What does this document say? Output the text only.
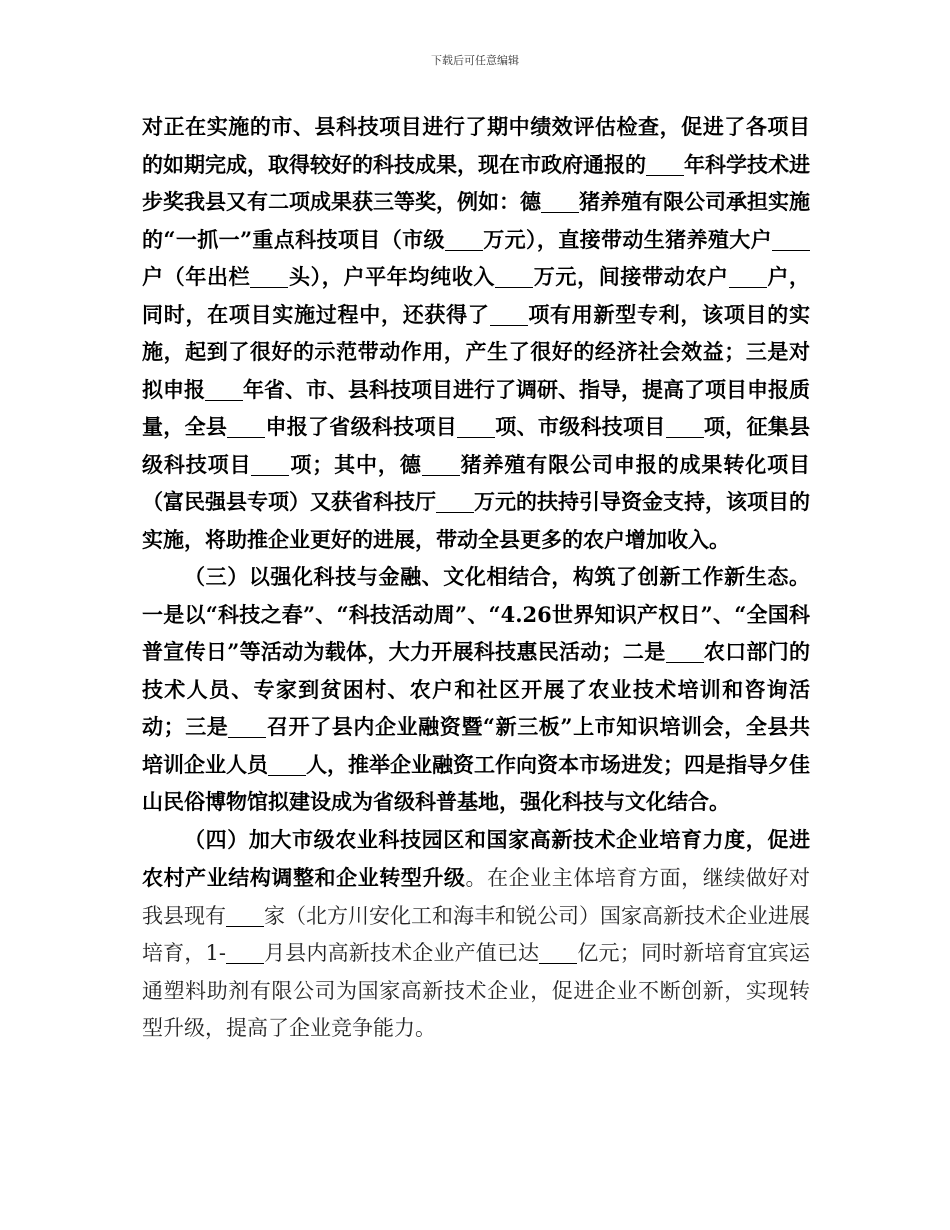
下载后可任意编辑

对正在实施的市、县科技项目进行了期中绩效评估检查，促进了各项目的如期完成，取得较好的科技成果，现在市政府通报的 年科学技术进步奖我县又有二项成果获三等奖，例如：德 猪养殖有限公司承担实施的“一抓一”重点科技项目（市级 万元），直接带动生猪养殖大户户（年出栏 头），户平年均纯收入 万元，间接带动农户 户，同时，在项目实施过程中，还获得了 项有用新型专利，该项目的实施，起到了很好的示范带动作用，产生了很好的经济社会效益；三是对拟申报 年省、市、县科技项目进行了调研、指导，提高了项目申报质量，全县 申报了省级科技项目 项、市级科技项目 项，征集县级科技项目 项；其中，德 猪养殖有限公司申报的成果转化项目（富民强县专项）又获省科技厅 万元的扶持引导资金支持，该项目的实施，将助推企业更好的进展，带动全县更多的农户增加收入。

（三）以强化科技与金融、文化相结合，构筑了创新工作新生态。一是以“科技之春”、“科技活动周”、“4.26世界知识产权日”、“全国科普宣传日”等活动为载体，大力开展科技惠民活动；二是 农口部门的技术人员、专家到贫困村、农户和社区开展了农业技术培训和咨询活动；三是 召开了县内企业融资暨“新三板”上市知识培训会，全县共培训企业人员 人，推举企业融资工作向资本市场进发；四是指导夕佳山民俗博物馆拟建设成为省级科普基地，强化科技与文化结合。

（四）加大市级农业科技园区和国家高新技术企业培育力度，促进农村产业结构调整和企业转型升级。在企业主体培育方面，继续做好对我县现有 家（北方川安化工和海丰和锐公司）国家高新技术企业进展培育，1- 月县内高新技术企业产值已达 亿元；同时新培育宜宾运通塑料助剂有限公司为国家高新技术企业，促进企业不断创新，实现转型升级，提高了企业竞争能力。
